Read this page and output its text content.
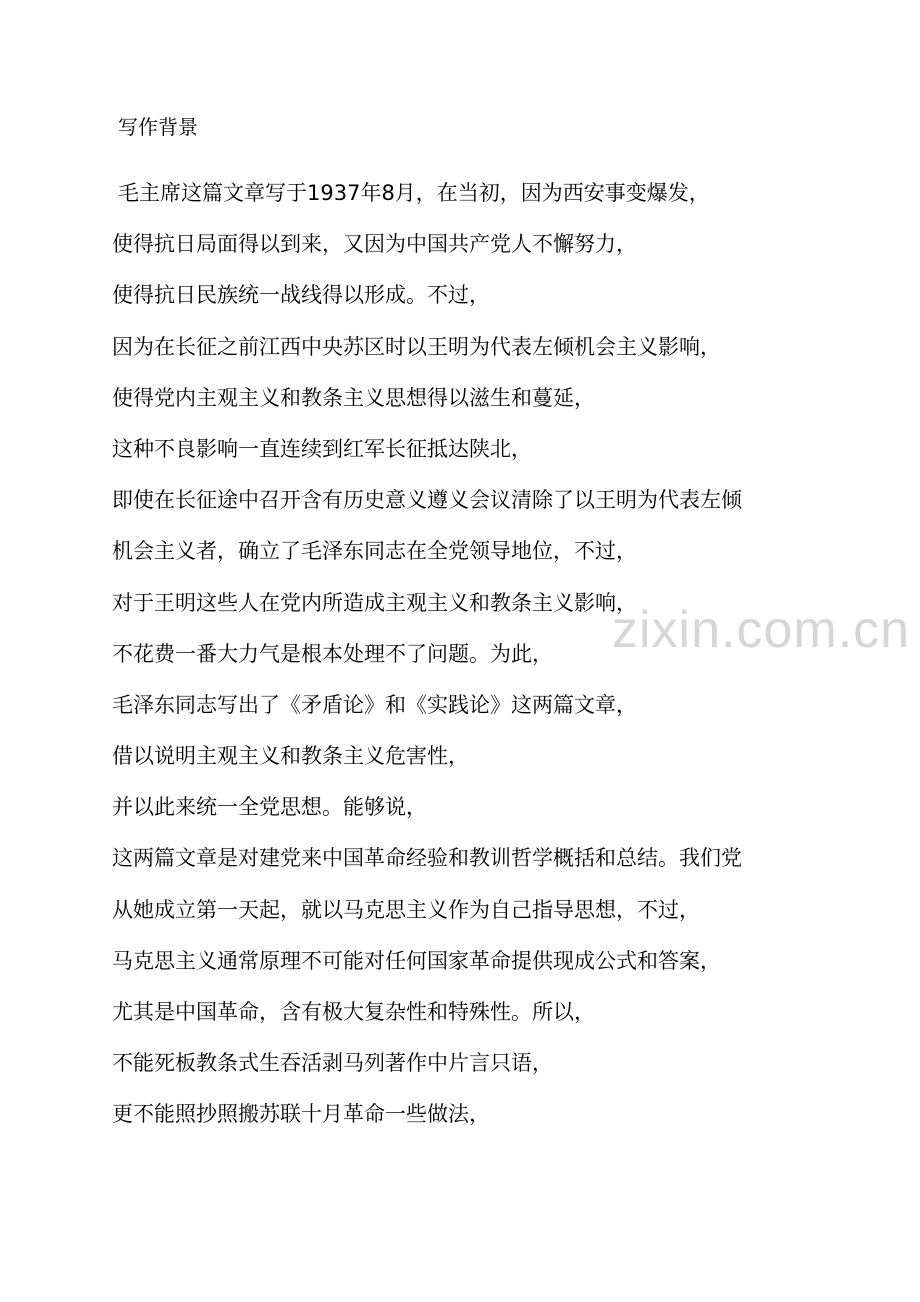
写作背景
毛主席这篇文章写于1937年8月，在当初，因为西安事变爆发，
使得抗日局面得以到来，又因为中国共产党人不懈努力，
使得抗日民族统一战线得以形成。不过，
因为在长征之前江西中央苏区时以王明为代表左倾机会主义影响，
使得党内主观主义和教条主义思想得以滋生和蔓延，
这种不良影响一直连续到红军长征抵达陕北，
即使在长征途中召开含有历史意义遵义会议清除了以王明为代表左倾
机会主义者，确立了毛泽东同志在全党领导地位，不过，
对于王明这些人在党内所造成主观主义和教条主义影响，
不花费一番大力气是根本处理不了问题。为此，
毛泽东同志写出了《矛盾论》和《实践论》这两篇文章，
借以说明主观主义和教条主义危害性，
并以此来统一全党思想。能够说，
这两篇文章是对建党来中国革命经验和教训哲学概括和总结。我们党
从她成立第一天起，就以马克思主义作为自己指导思想，不过，
马克思主义通常原理不可能对任何国家革命提供现成公式和答案，
尤其是中国革命，含有极大复杂性和特殊性。所以，
不能死板教条式生吞活剥马列著作中片言只语，
更不能照抄照搬苏联十月革命一些做法，
zixin.com.cn
